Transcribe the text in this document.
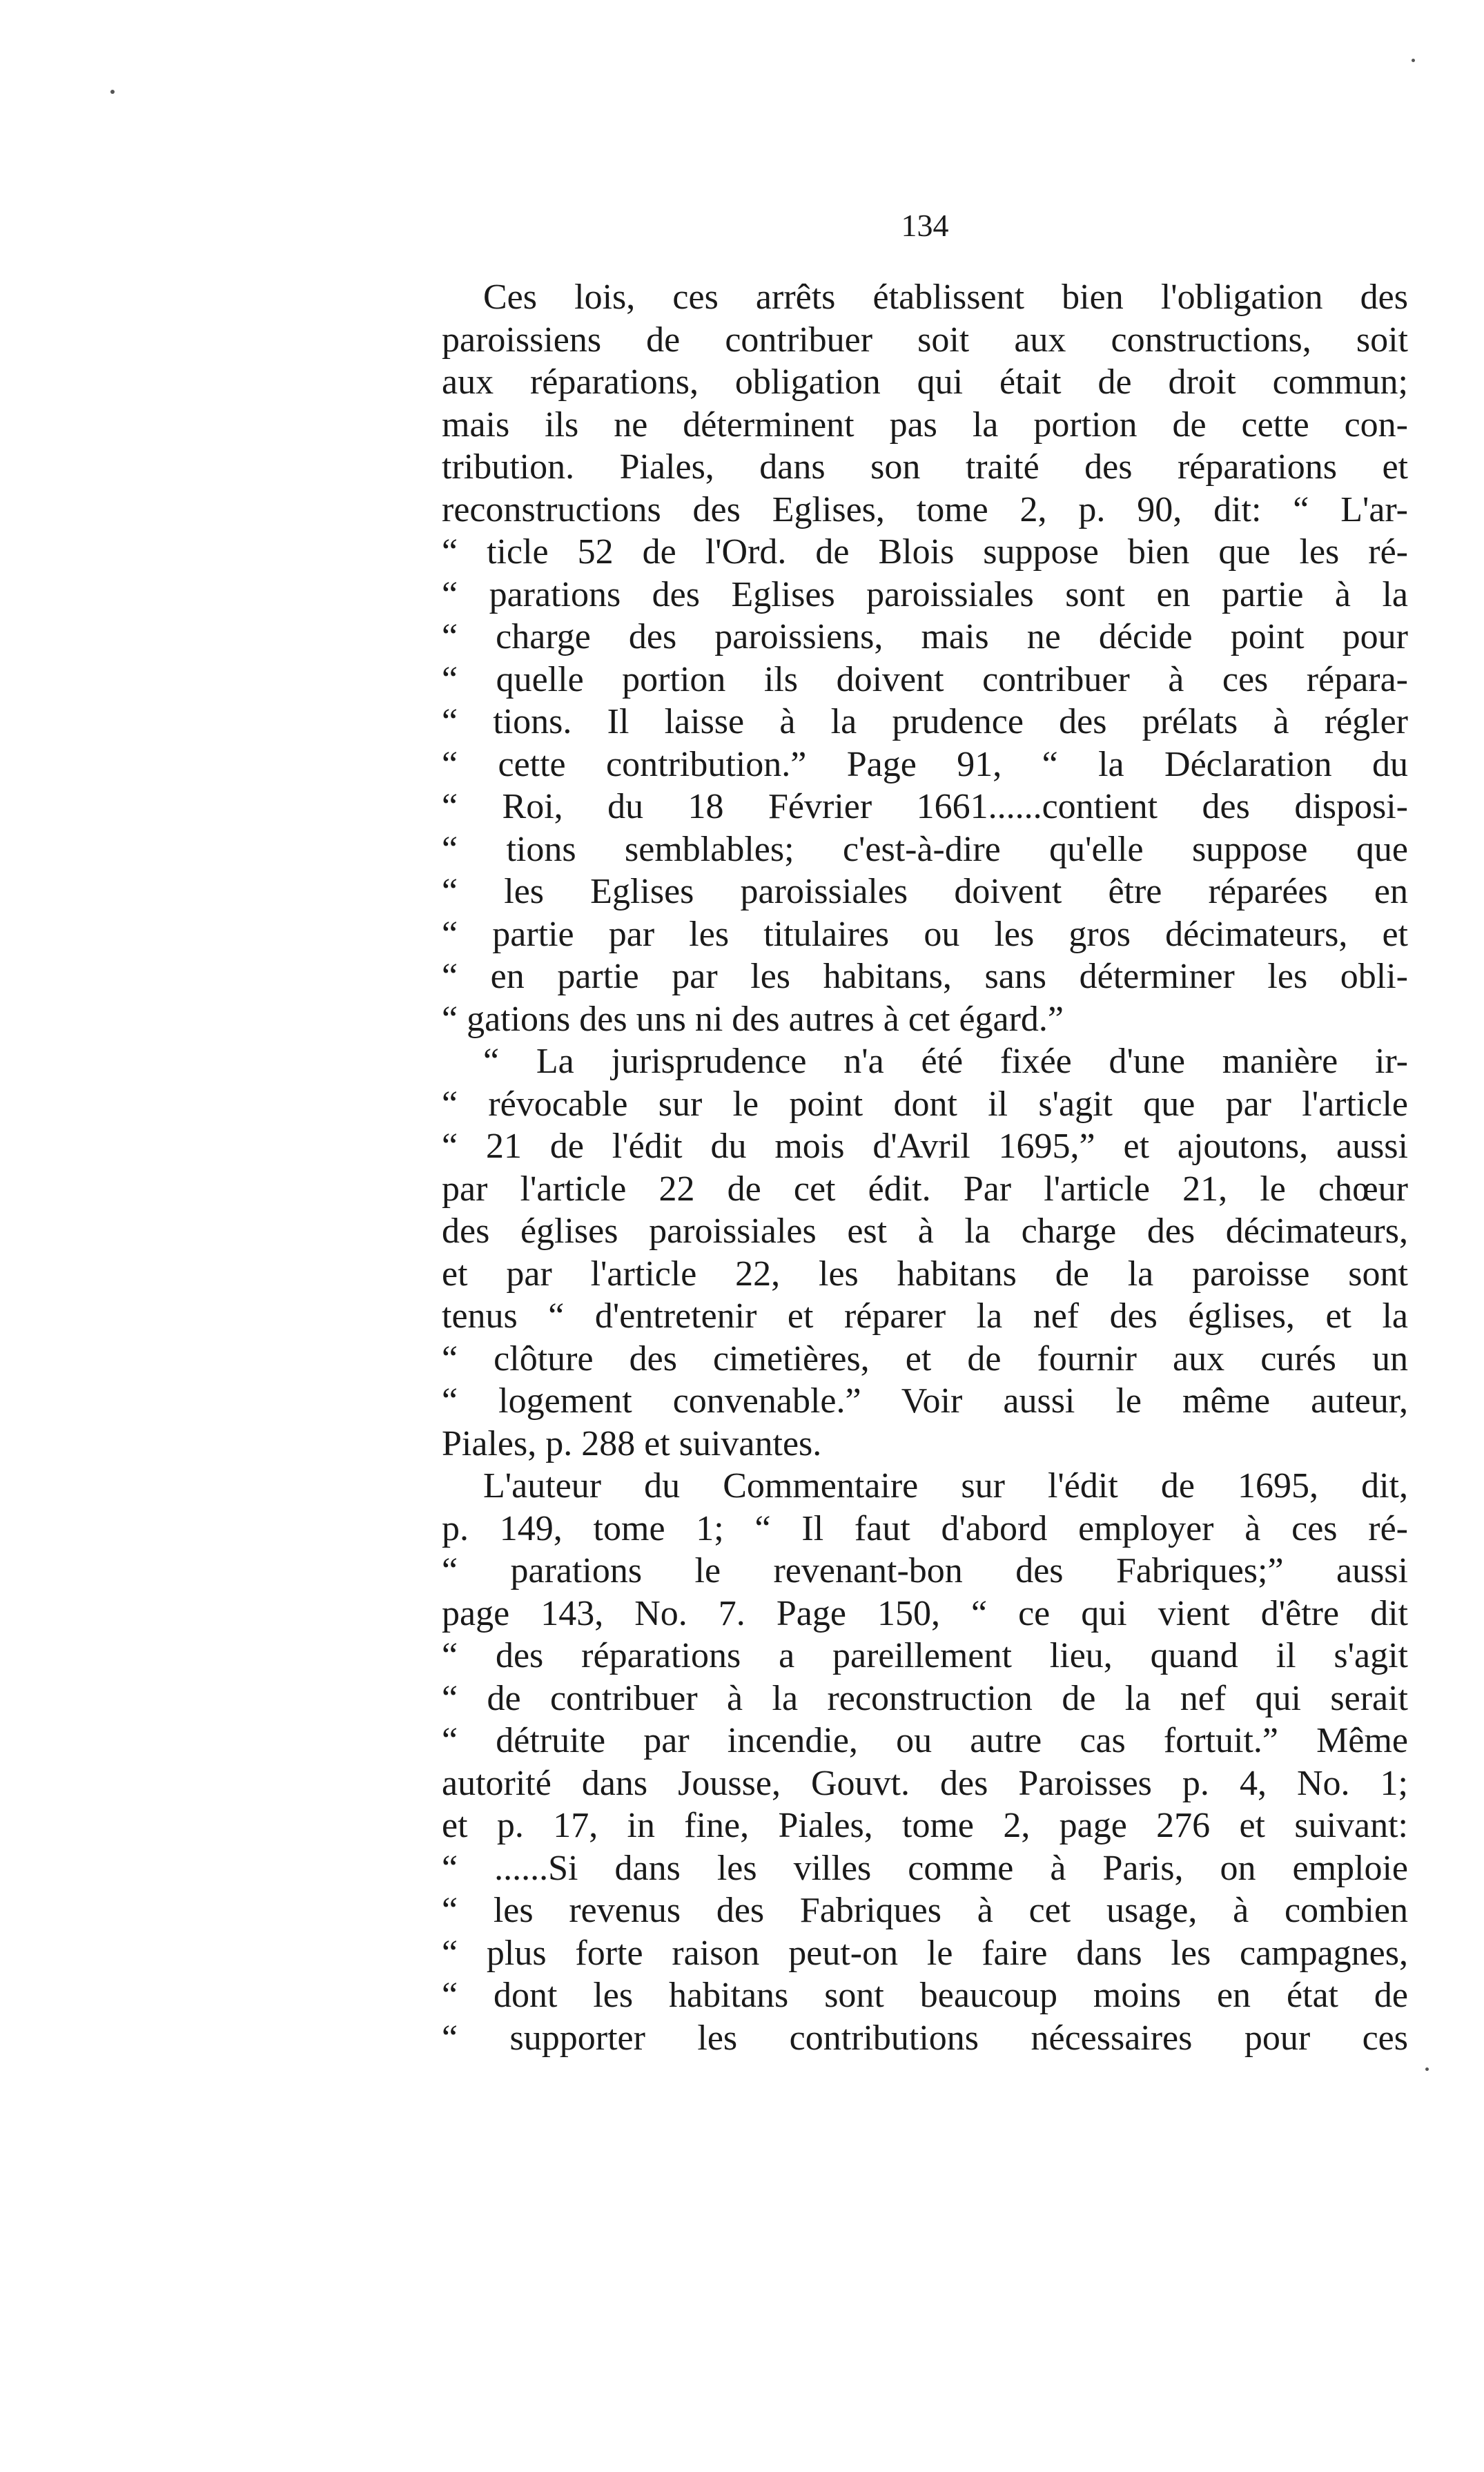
134
Ces lois, ces arrêts établissent bien l'obligation des
paroissiens de contribuer soit aux constructions, soit
aux réparations, obligation qui était de droit commun;
mais ils ne déterminent pas la portion de cette con-
tribution. Piales, dans son traité des réparations et
reconstructions des Eglises, tome 2, p. 90, dit: “ L'ar-
“ ticle 52 de l'Ord. de Blois suppose bien que les ré-
“ parations des Eglises paroissiales sont en partie à la
“ charge des paroissiens, mais ne décide point pour
“ quelle portion ils doivent contribuer à ces répara-
“ tions. Il laisse à la prudence des prélats à régler
“ cette contribution.” Page 91, “ la Déclaration du
“ Roi, du 18 Février 1661......contient des disposi-
“ tions semblables; c'est-à-dire qu'elle suppose que
“ les Eglises paroissiales doivent être réparées en
“ partie par les titulaires ou les gros décimateurs, et
“ en partie par les habitans, sans déterminer les obli-
“ gations des uns ni des autres à cet égard.”
“ La jurisprudence n'a été fixée d'une manière ir-
“ révocable sur le point dont il s'agit que par l'article
“ 21 de l'édit du mois d'Avril 1695,” et ajoutons, aussi
par l'article 22 de cet édit. Par l'article 21, le chœur
des églises paroissiales est à la charge des décimateurs,
et par l'article 22, les habitans de la paroisse sont
tenus “ d'entretenir et réparer la nef des églises, et la
“ clôture des cimetières, et de fournir aux curés un
“ logement convenable.” Voir aussi le même auteur,
Piales, p. 288 et suivantes.
L'auteur du Commentaire sur l'édit de 1695, dit,
p. 149, tome 1; “ Il faut d'abord employer à ces ré-
“ parations le revenant-bon des Fabriques;” aussi
page 143, No. 7. Page 150, “ ce qui vient d'être dit
“ des réparations a pareillement lieu, quand il s'agit
“ de contribuer à la reconstruction de la nef qui serait
“ détruite par incendie, ou autre cas fortuit.” Même
autorité dans Jousse, Gouvt. des Paroisses p. 4, No. 1;
et p. 17, in fine, Piales, tome 2, page 276 et suivant:
“ ......Si dans les villes comme à Paris, on emploie
“ les revenus des Fabriques à cet usage, à combien
“ plus forte raison peut-on le faire dans les campagnes,
“ dont les habitans sont beaucoup moins en état de
“ supporter les contributions nécessaires pour ces
